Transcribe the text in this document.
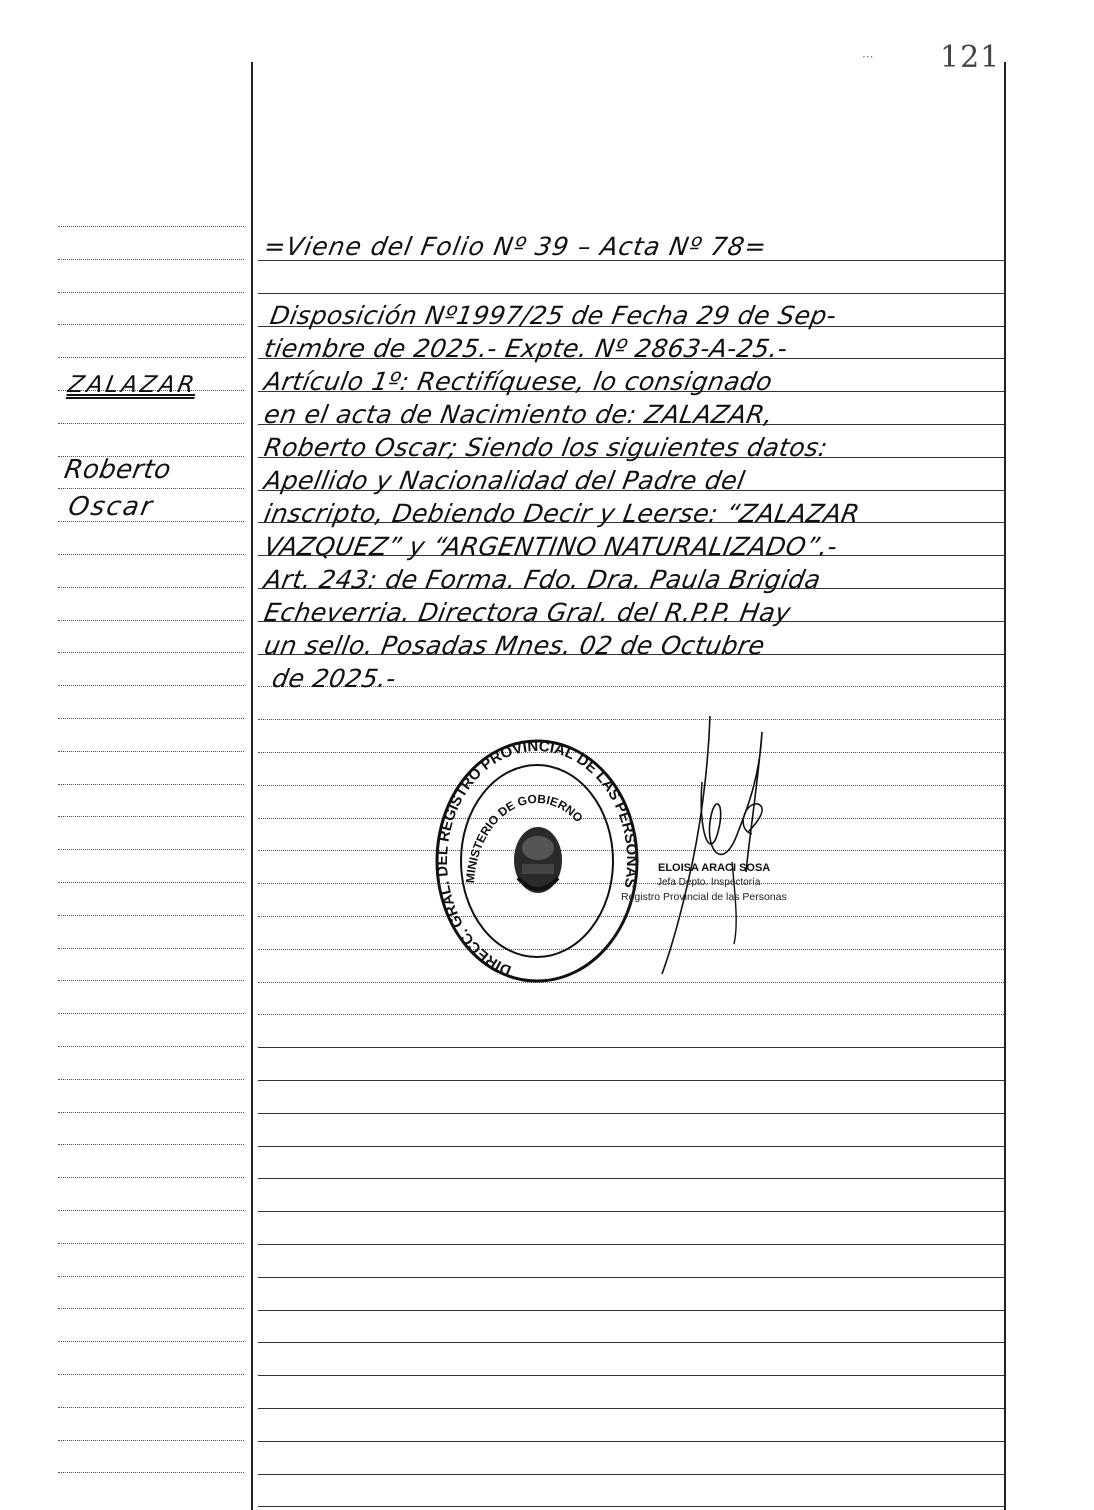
··· 121
ZALAZAR
Roberto
Oscar
=Viene del Folio Nº 39 – Acta Nº 78=
Disposición Nº1997/25 de Fecha 29 de Sep-
tiembre de 2025.- Expte. Nº 2863-A-25.-
Artículo 1º: Rectifíquese, lo consignado
en el acta de Nacimiento de: ZALAZAR,
Roberto Oscar; Siendo los siguientes datos:
Apellido y Nacionalidad del Padre del
inscripto, Debiendo Decir y Leerse: “ZALAZAR
VAZQUEZ” y “ARGENTINO NATURALIZADO”.-
Art. 243: de Forma. Fdo. Dra. Paula Brigida
Echeverria. Directora Gral. del R.P.P. Hay
un sello. Posadas Mnes. 02 de Octubre
de 2025.-
DIRECC. GRAL. DEL REGISTRO PROVINCIAL DE LAS PERSONAS
MINISTERIO DE GOBIERNO
ELOISA ARACI SOSA
Jefa Depto. Inspectoría
Registro Provincial de las Personas
